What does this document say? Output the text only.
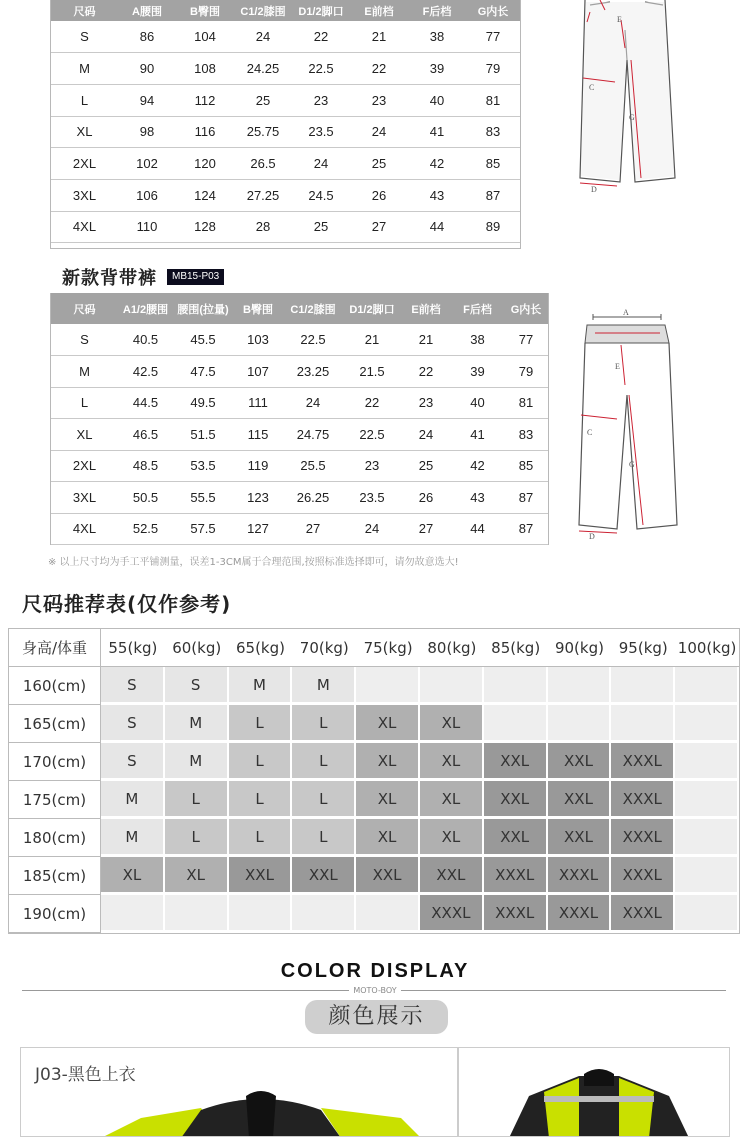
尺码	A腰围	B臀围	C1/2膝围	D1/2脚口	E前档	F后档	G内长
S	86	104	24	22	21	38	77
M	90	108	24.25	22.5	22	39	79
L	94	112	25	23	23	40	81
XL	98	116	25.75	23.5	24	41	83
2XL	102	120	26.5	24	25	42	85
3XL	106	124	27.25	24.5	26	43	87
4XL	110	128	28	25	27	44	89
E
C
G
D
新款背带裤	MB15-P03
尺码	A1/2腰围	腰围(拉量)	B臀围	C1/2膝围	D1/2脚口	E前档	F后档	G内长
S	40.5	45.5	103	22.5	21	21	38	77
M	42.5	47.5	107	23.25	21.5	22	39	79
L	44.5	49.5	111	24	22	23	40	81
XL	46.5	51.5	115	24.75	22.5	24	41	83
2XL	48.5	53.5	119	25.5	23	25	42	85
3XL	50.5	55.5	123	26.25	23.5	26	43	87
4XL	52.5	57.5	127	27	24	27	44	87
A
E
C
G
D
※ 以上尺寸均为手工平铺测量，误差1-3CM属于合理范围,按照标准选择即可，请勿故意选大!
尺码推荐表(仅作参考)
身高/体重	55(kg)	60(kg)	65(kg)	70(kg)	75(kg)	80(kg)	85(kg)	90(kg)	95(kg)	100(kg)
160(cm)	S	S	M	M						
165(cm)	S	M	L	L	XL	XL				
170(cm)	S	M	L	L	XL	XL	XXL	XXL	XXXL	
175(cm)	M	L	L	L	XL	XL	XXL	XXL	XXXL	
180(cm)	M	L	L	L	XL	XL	XXL	XXL	XXXL	
185(cm)	XL	XL	XXL	XXL	XXL	XXL	XXXL	XXXL	XXXL	
190(cm)						XXXL	XXXL	XXXL	XXXL	
COLOR DISPLAY
MOTO-BOY
颜色展示
J03-黑色上衣
